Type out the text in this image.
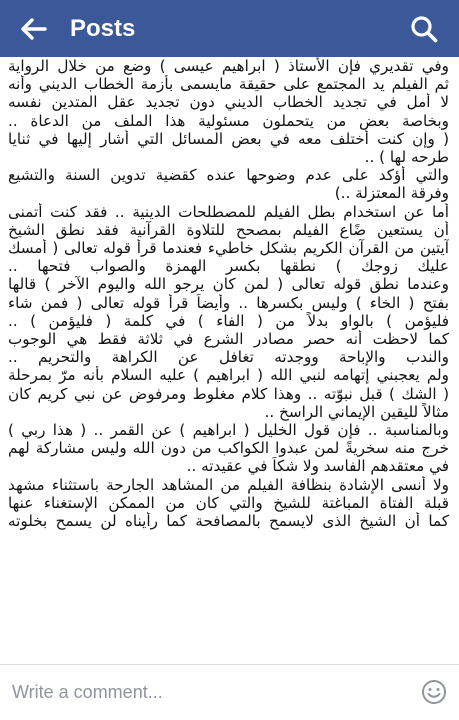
Posts
وفي تقديري فإن الأستاذ ( ابراهيم عيسى ) وضع من خلال الرواية
ثم الفيلم يد المجتمع على حقيقة مايسمى بأزمة الخطاب الديني وأنه
لا أمل في تجديد الخطاب الديني دون تجديد عقل المتدين نفسه
وبخاصة بعض من يتحملون مسئولية هذا الملف من الدعاة ..
( وإن كنت أختلف معه في بعض المسائل التي أشار إليها في ثنايا
طرحه لها ) ..
والتي أؤكد على عدم وضوحها عنده كقضية تدوين السنة والتشيع
وفرقة المعتزلة ..)
أما عن استخدام بطل الفيلم للمصطلحات الدينية .. فقد كنت أتمنى
أن يستعين ضًاع الفيلم بمصحح للتلاوة القرآنية فقد نطق الشيخ
آيتين من القرآن الكريم بشكل خاطيء فعندما قرأ قوله تعالى ( أمسك
عليك زوجك ) نطقها بكسر الهمزة والصواب فتحها ..
وعندما نطق قوله تعالى ( لمن كان يرجو الله واليوم الآخر ) قالها
بفتح ( الخاء ) وليس بكسرها .. وأيضاً قرأ قوله تعالى ( فمن شاء
فليؤمن ) بالواو بدلاً من ( الفاء ) في كلمة ( فليؤمن ) ..
كما لاحظت أنه حصر مصادر الشرع في ثلاثة فقط هي الوجوب
والندب والإباحة ووجدته تغافل عن الكراهة والتحريم ..
ولم يعجبني إتهامه لنبي الله ( ابراهيم ) عليه السلام بأنه مرّ بمرحلة
( الشك ) قبل نبوّته .. وهذا كلام مغلوط ومرفوض عن نبي كريم كان
مثالاً لليقين الإيماني الراسخ ..
وبالمناسبة .. فإن قول الخليل ( ابراهيم ) عن القمر .. ( هذا ربي )
خرج منه سخريةً لمن عبدوا الكواكب من دون الله وليس مشاركة لهم
في معتقدهم الفاسد ولا شكاً في عقيدته ..
ولا أنسى الإشادة بنظافة الفيلم من المشاهد الجارحة باستثناء مشهد
قبلة الفتاة المباغتة للشيخ والتي كان من الممكن الإستغناء عنها
كما أن الشيخ الذى لايسمح بالمصافحة كما رأيناه لن يسمح بخلوته
Write a comment...
